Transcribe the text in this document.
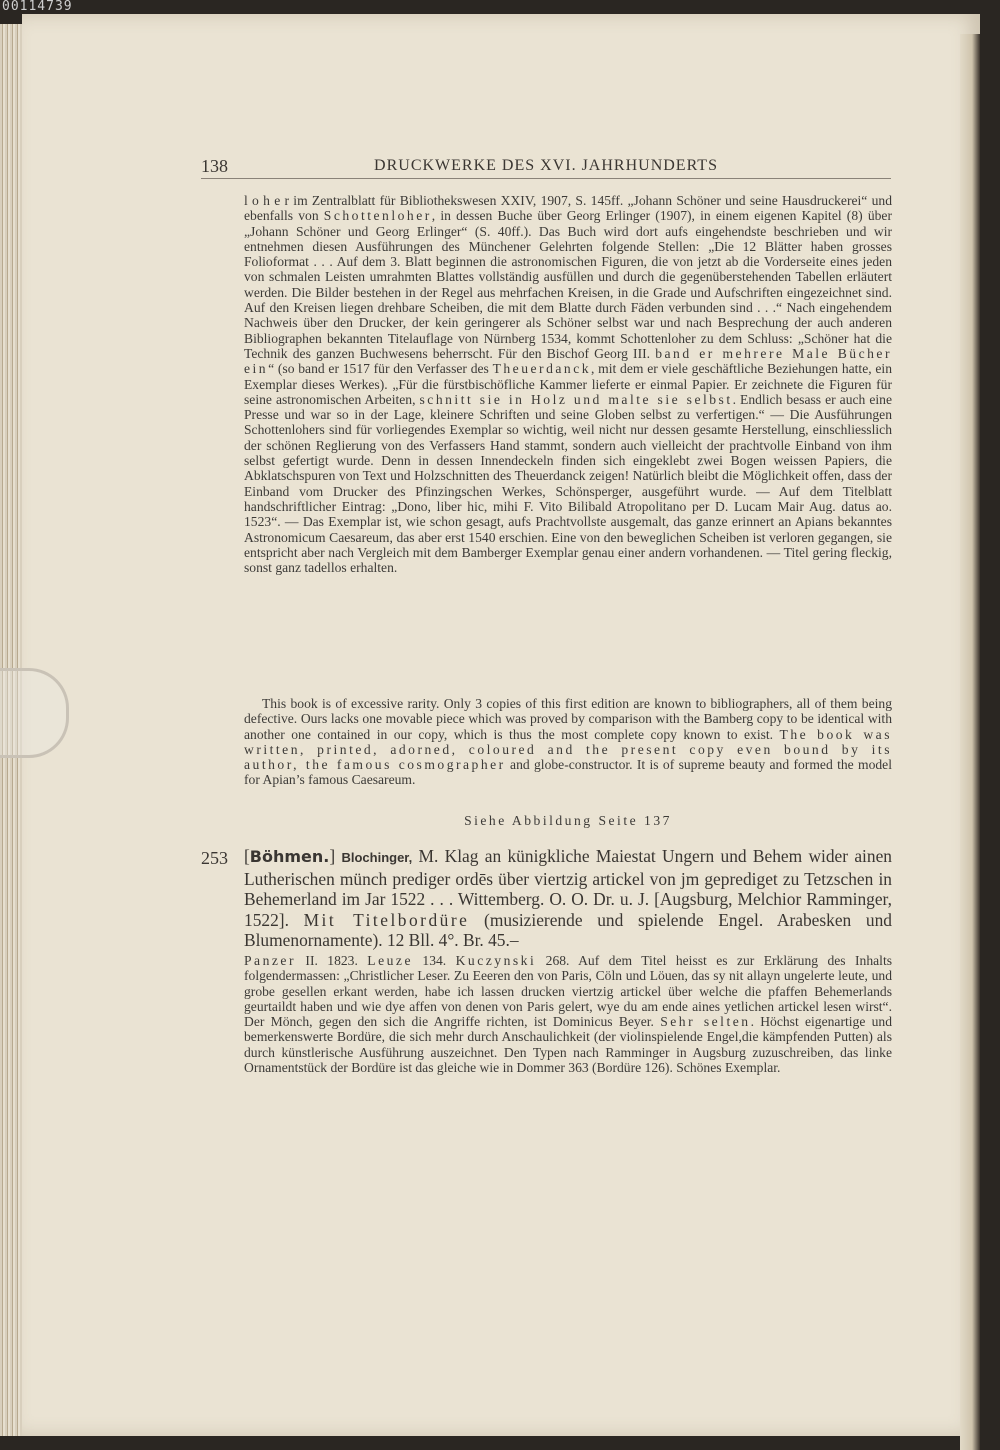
00114739
138	DRUCKWERKE DES XVI. JAHRHUNDERTS

l o h e r im Zentralblatt für Bibliothekswesen XXIV, 1907, S. 145ff. „Johann Schöner und seine Hausdruckerei“ und ebenfalls von Schottenloher, in dessen Buche über Georg Erlinger (1907), in einem eigenen Kapitel (8) über „Johann Schöner und Georg Erlinger“ (S. 40ff.). Das Buch wird dort aufs eingehendste beschrieben und wir entnehmen diesen Ausführungen des Münchener Gelehrten folgende Stellen: „Die 12 Blätter haben grosses Folioformat . . . Auf dem 3. Blatt beginnen die astronomischen Figuren, die von jetzt ab die Vorderseite eines jeden von schmalen Leisten umrahmten Blattes vollständig ausfüllen und durch die gegenüberstehenden Tabellen erläutert werden. Die Bilder bestehen in der Regel aus mehrfachen Kreisen, in die Grade und Aufschriften eingezeichnet sind. Auf den Kreisen liegen drehbare Scheiben, die mit dem Blatte durch Fäden verbunden sind . . .“ Nach eingehendem Nachweis über den Drucker, der kein geringerer als Schöner selbst war und nach Besprechung der auch anderen Bibliographen bekannten Titelauflage von Nürnberg 1534, kommt Schottenloher zu dem Schluss: „Schöner hat die Technik des ganzen Buchwesens beherrscht. Für den Bischof Georg III. band er mehrere Male Bücher ein“ (so band er 1517 für den Verfasser des Theuerdanck, mit dem er viele geschäftliche Beziehungen hatte, ein Exemplar dieses Werkes). „Für die fürstbischöfliche Kammer lieferte er einmal Papier. Er zeichnete die Figuren für seine astronomischen Arbeiten, schnitt sie in Holz und malte sie selbst. Endlich besass er auch eine Presse und war so in der Lage, kleinere Schriften und seine Globen selbst zu verfertigen.“ — Die Ausführungen Schottenlohers sind für vorliegendes Exemplar so wichtig, weil nicht nur dessen gesamte Herstellung, einschliesslich der schönen Reglierung von des Verfassers Hand stammt, sondern auch vielleicht der prachtvolle Einband von ihm selbst gefertigt wurde. Denn in dessen Innendeckeln finden sich eingeklebt zwei Bogen weissen Papiers, die Abklatschspuren von Text und Holzschnitten des Theuerdanck zeigen! Natürlich bleibt die Möglichkeit offen, dass der Einband vom Drucker des Pfinzingschen Werkes, Schönsperger, ausgeführt wurde. — Auf dem Titelblatt handschriftlicher Eintrag: „Dono, liber hic, mihi F. Vito Bilibald Atropolitano per D. Lucam Mair Aug. datus ao. 1523“. — Das Exemplar ist, wie schon gesagt, aufs Prachtvollste ausgemalt, das ganze erinnert an Apians bekanntes Astronomicum Caesareum, das aber erst 1540 erschien. Eine von den beweglichen Scheiben ist verloren gegangen, sie entspricht aber nach Vergleich mit dem Bamberger Exemplar genau einer andern vorhandenen. — Titel gering fleckig, sonst ganz tadellos erhalten.

This book is of excessive rarity. Only 3 copies of this first edition are known to bibliographers, all of them being defective. Ours lacks one movable piece which was proved by comparison with the Bamberg copy to be identical with another one contained in our copy, which is thus the most complete copy known to exist. The book was written, printed, adorned, coloured and the present copy even bound by its author, the famous cosmographer and globe-constructor. It is of supreme beauty and formed the model for Apian’s famous Caesareum.

Siehe Abbildung Seite 137
253 [Böhmen.] Blochinger, M. Klag an künigkliche Maiestat Ungern und Behem wider ainen Lutherischen münch prediger ordēs über viertzig artickel von jm geprediget zu Tetzschen in Behemerland im Jar 1522 . . . Wittemberg. O. O. Dr. u. J. [Augsburg, Melchior Ramminger, 1522]. Mit Titelbordüre (musizierende und spielende Engel. Arabesken und Blumenornamente). 12 Bll. 4°. Br. 45.–

Panzer II. 1823. Leuze 134. Kuczynski 268. Auf dem Titel heisst es zur Erklärung des Inhalts folgendermassen: „Christlicher Leser. Zu Eeeren den von Paris, Cöln und Löuen, das sy nit allayn ungelerte leute, und grobe gesellen erkant werden, habe ich lassen drucken viertzig artickel über welche die pfaffen Behemerlands geurtaildt haben und wie dye affen von denen von Paris gelert, wye du am ende aines yetlichen artickel lesen wirst“. Der Mönch, gegen den sich die Angriffe richten, ist Dominicus Beyer. Sehr selten. Höchst eigenartige und bemerkenswerte Bordüre, die sich mehr durch Anschaulichkeit (der violinspielende Engel,die kämpfenden Putten) als durch künstlerische Ausführung auszeichnet. Den Typen nach Ramminger in Augsburg zuzuschreiben, das linke Ornamentstück der Bordüre ist das gleiche wie in Dommer 363 (Bordüre 126). Schönes Exemplar.
